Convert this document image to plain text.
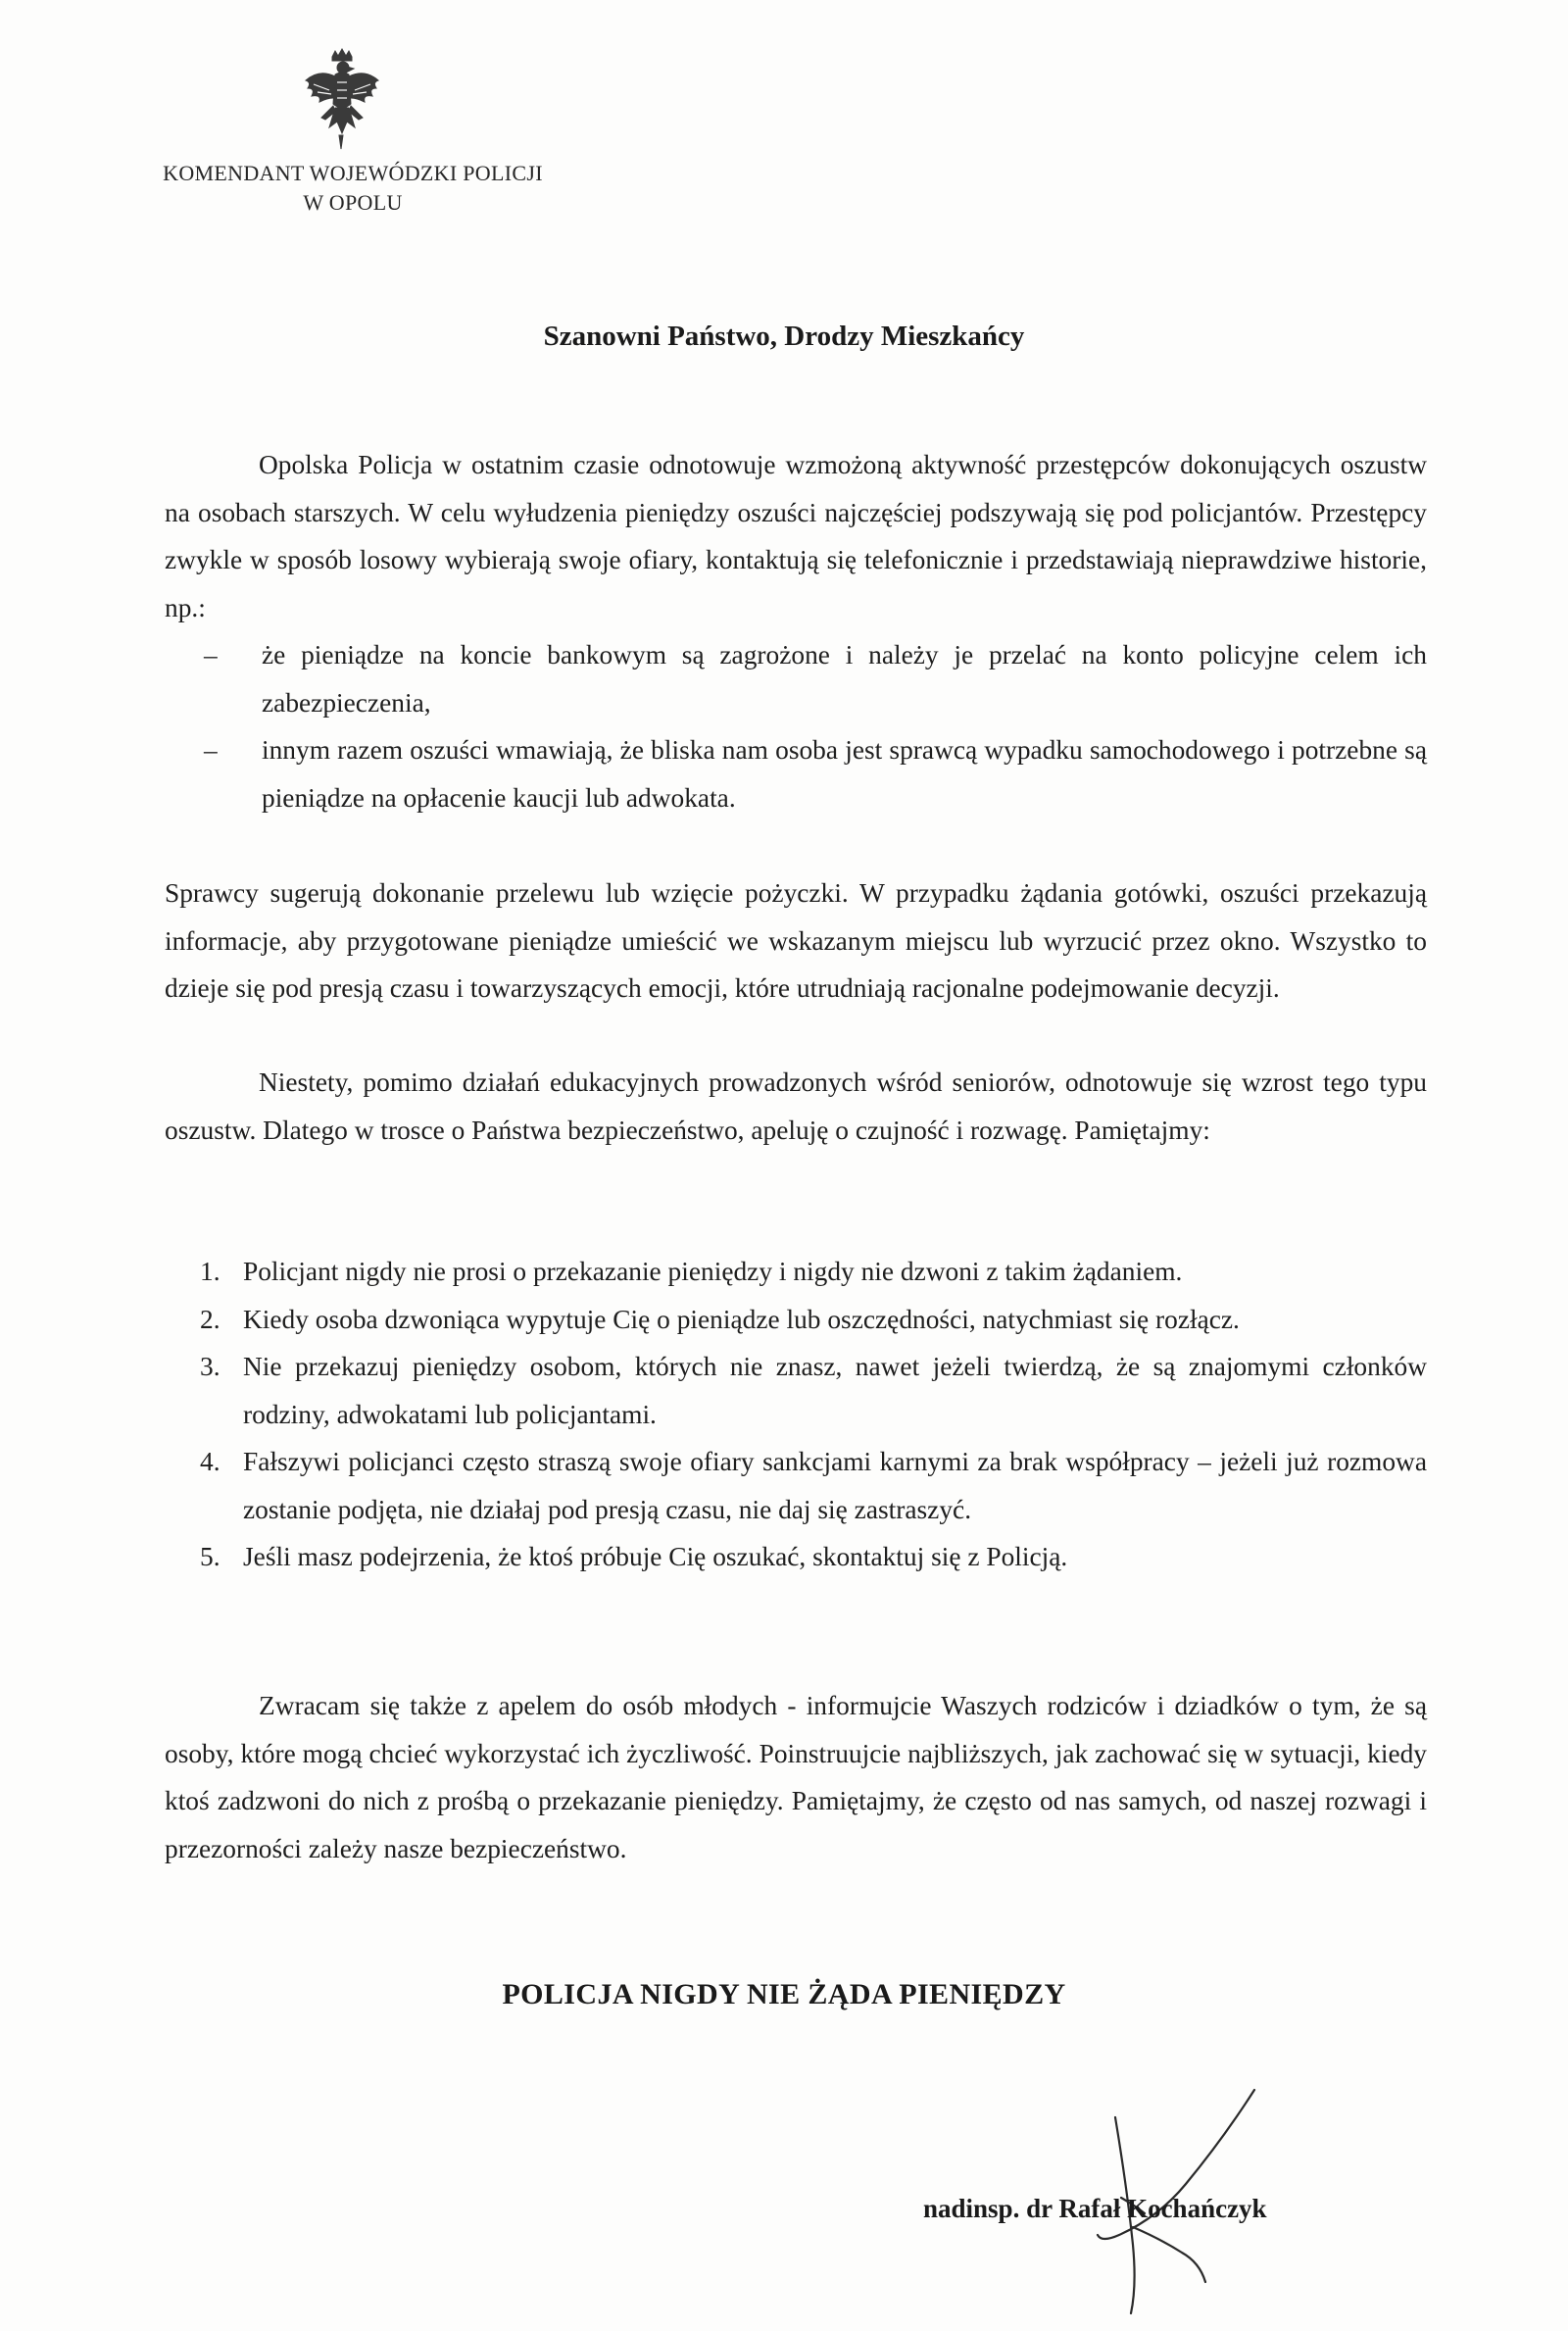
KOMENDANT WOJEWÓDZKI POLICJI
W OPOLU
Szanowni Państwo, Drodzy Mieszkańcy
Opolska Policja w ostatnim czasie odnotowuje wzmożoną aktywność przestępców dokonujących oszustw na osobach starszych. W celu wyłudzenia pieniędzy oszuści najczęściej podszywają się pod policjantów. Przestępcy zwykle w sposób losowy wybierają swoje ofiary, kontaktują się telefonicznie i przedstawiają nieprawdziwe historie, np.:
– że pieniądze na koncie bankowym są zagrożone i należy je przelać na konto policyjne celem ich zabezpieczenia,
– innym razem oszuści wmawiają, że bliska nam osoba jest sprawcą wypadku samochodowego i potrzebne są pieniądze na opłacenie kaucji lub adwokata.
Sprawcy sugerują dokonanie przelewu lub wzięcie pożyczki. W przypadku żądania gotówki, oszuści przekazują informacje, aby przygotowane pieniądze umieścić we wskazanym miejscu lub wyrzucić przez okno. Wszystko to dzieje się pod presją czasu i towarzyszących emocji, które utrudniają racjonalne podejmowanie decyzji.
Niestety, pomimo działań edukacyjnych prowadzonych wśród seniorów, odnotowuje się wzrost tego typu oszustw. Dlatego w trosce o Państwa bezpieczeństwo, apeluję o czujność i rozwagę. Pamiętajmy:
1. Policjant nigdy nie prosi o przekazanie pieniędzy i nigdy nie dzwoni z takim żądaniem.
2. Kiedy osoba dzwoniąca wypytuje Cię o pieniądze lub oszczędności, natychmiast się rozłącz.
3. Nie przekazuj pieniędzy osobom, których nie znasz, nawet jeżeli twierdzą, że są znajomymi członków rodziny, adwokatami lub policjantami.
4. Fałszywi policjanci często straszą swoje ofiary sankcjami karnymi za brak współpracy – jeżeli już rozmowa zostanie podjęta, nie działaj pod presją czasu, nie daj się zastraszyć.
5. Jeśli masz podejrzenia, że ktoś próbuje Cię oszukać, skontaktuj się z Policją.
Zwracam się także z apelem do osób młodych - informujcie Waszych rodziców i dziadków o tym, że są osoby, które mogą chcieć wykorzystać ich życzliwość. Poinstruujcie najbliższych, jak zachować się w sytuacji, kiedy ktoś zadzwoni do nich z prośbą o przekazanie pieniędzy. Pamiętajmy, że często od nas samych, od naszej rozwagi i przezorności zależy nasze bezpieczeństwo.
POLICJA NIGDY NIE ŻĄDA PIENIĘDZY
nadinsp. dr Rafał Kochańczyk
